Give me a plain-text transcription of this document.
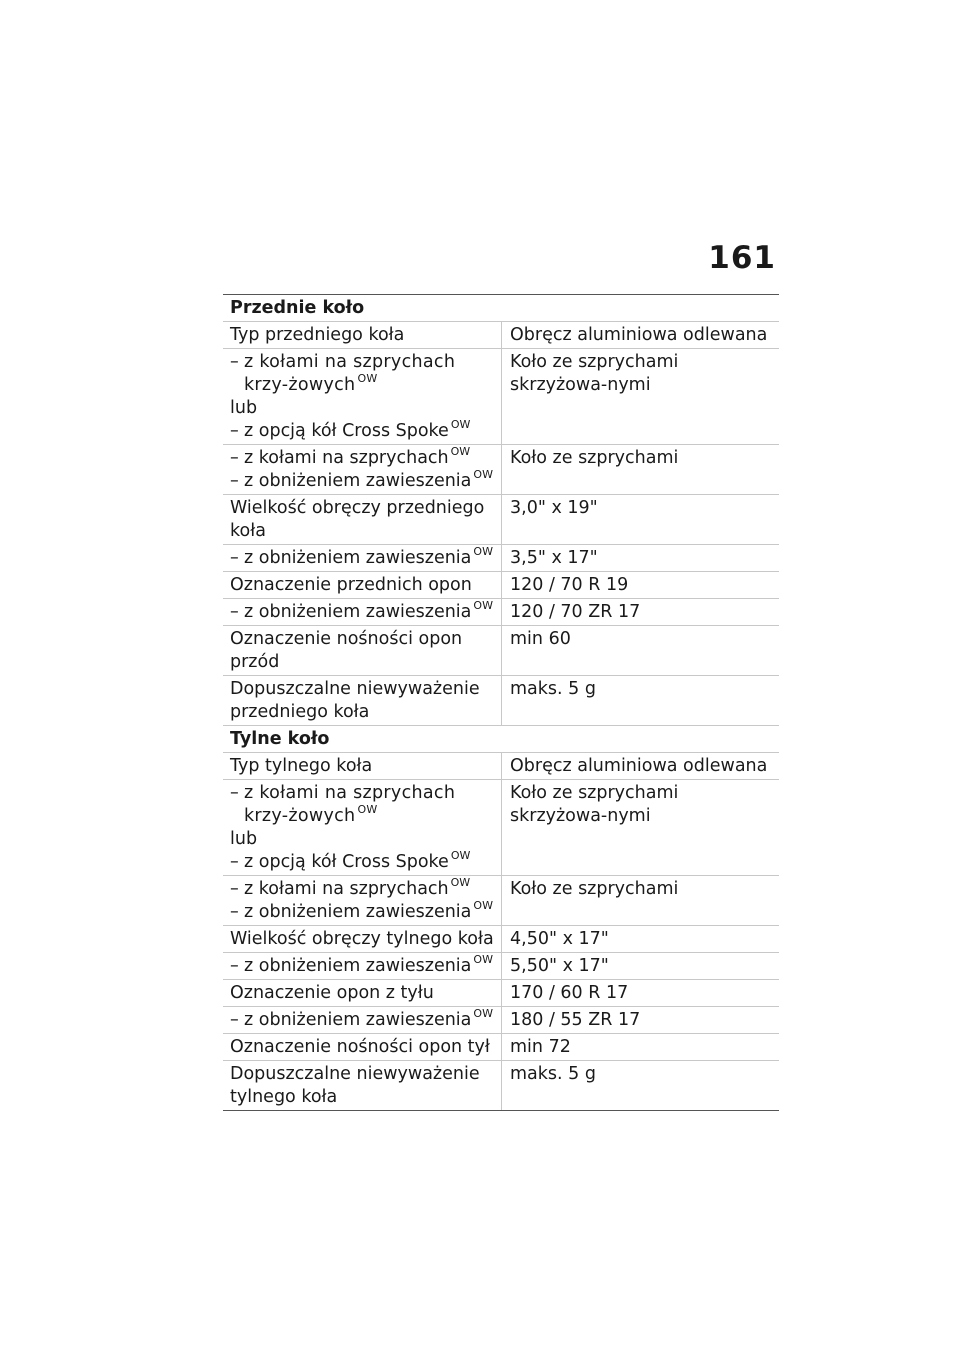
161
Przednie koło	
Typ przedniego koła	Obręcz aluminiowa odlewana

– z kołami na szprychach krzy-żowych $^{OW}$
lub
– z opcją kół Cross Spoke $^{OW}$	Koło ze szprychami skrzyżowa-nymi

– z kołami na szprychach $^{OW}$
– z obniżeniem zawieszenia $^{OW}$	Koło ze szprychami
Wielkość obręczy przedniego koła	3,0" x 19"

– z obniżeniem zawieszenia $^{OW}$	3,5" x 17"
Oznaczenie przednich opon	120 / 70 R 19

– z obniżeniem zawieszenia $^{OW}$	120 / 70 ZR 17
Oznaczenie nośności opon przód	min 60
Dopuszczalne niewyważenie przedniego koła	maks. 5 g
Tylne koło	
Typ tylnego koła	Obręcz aluminiowa odlewana

– z kołami na szprychach krzy-żowych $^{OW}$
lub
– z opcją kół Cross Spoke $^{OW}$	Koło ze szprychami skrzyżowa-nymi

– z kołami na szprychach $^{OW}$
– z obniżeniem zawieszenia $^{OW}$	Koło ze szprychami
Wielkość obręczy tylnego koła	4,50" x 17"

– z obniżeniem zawieszenia $^{OW}$	5,50" x 17"
Oznaczenie opon z tyłu	170 / 60 R 17

– z obniżeniem zawieszenia $^{OW}$	180 / 55 ZR 17
Oznaczenie nośności opon tył	min 72
Dopuszczalne niewyważenie tylnego koła	maks. 5 g
